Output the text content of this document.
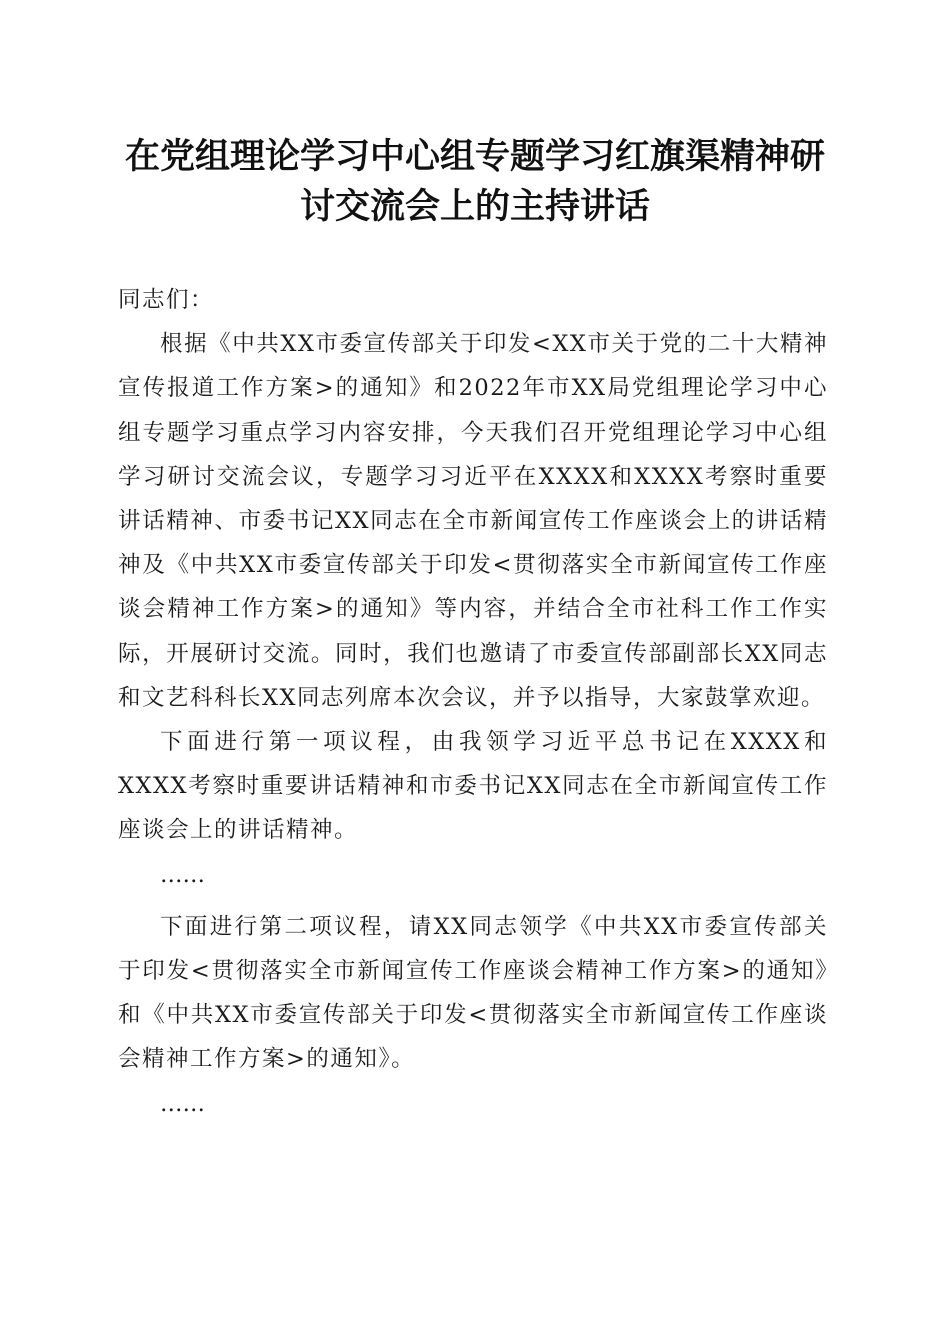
在党组理论学习中心组专题学习红旗渠精神研
讨交流会上的主持讲话

同志们：

根据《中共XX市委宣传部关于印发<XX市关于党的二十大精神宣传报道工作方案>的通知》和2022年市XX局党组理论学习中心组专题学习重点学习内容安排，今天我们召开党组理论学习中心组学习研讨交流会议，专题学习习近平在XXXX和XXXX考察时重要讲话精神、市委书记XX同志在全市新闻宣传工作座谈会上的讲话精神及《中共XX市委宣传部关于印发<贯彻落实全市新闻宣传工作座谈会精神工作方案>的通知》等内容，并结合全市社科工作工作实际，开展研讨交流。同时，我们也邀请了市委宣传部副部长XX同志和文艺科科长XX同志列席本次会议，并予以指导，大家鼓掌欢迎。

下面进行第一项议程，由我领学习近平总书记在XXXX和XXXX考察时重要讲话精神和市委书记XX同志在全市新闻宣传工作座谈会上的讲话精神。

……

下面进行第二项议程，请XX同志领学《中共XX市委宣传部关于印发<贯彻落实全市新闻宣传工作座谈会精神工作方案>的通知》和《中共XX市委宣传部关于印发<贯彻落实全市新闻宣传工作座谈会精神工作方案>的通知》。

……
